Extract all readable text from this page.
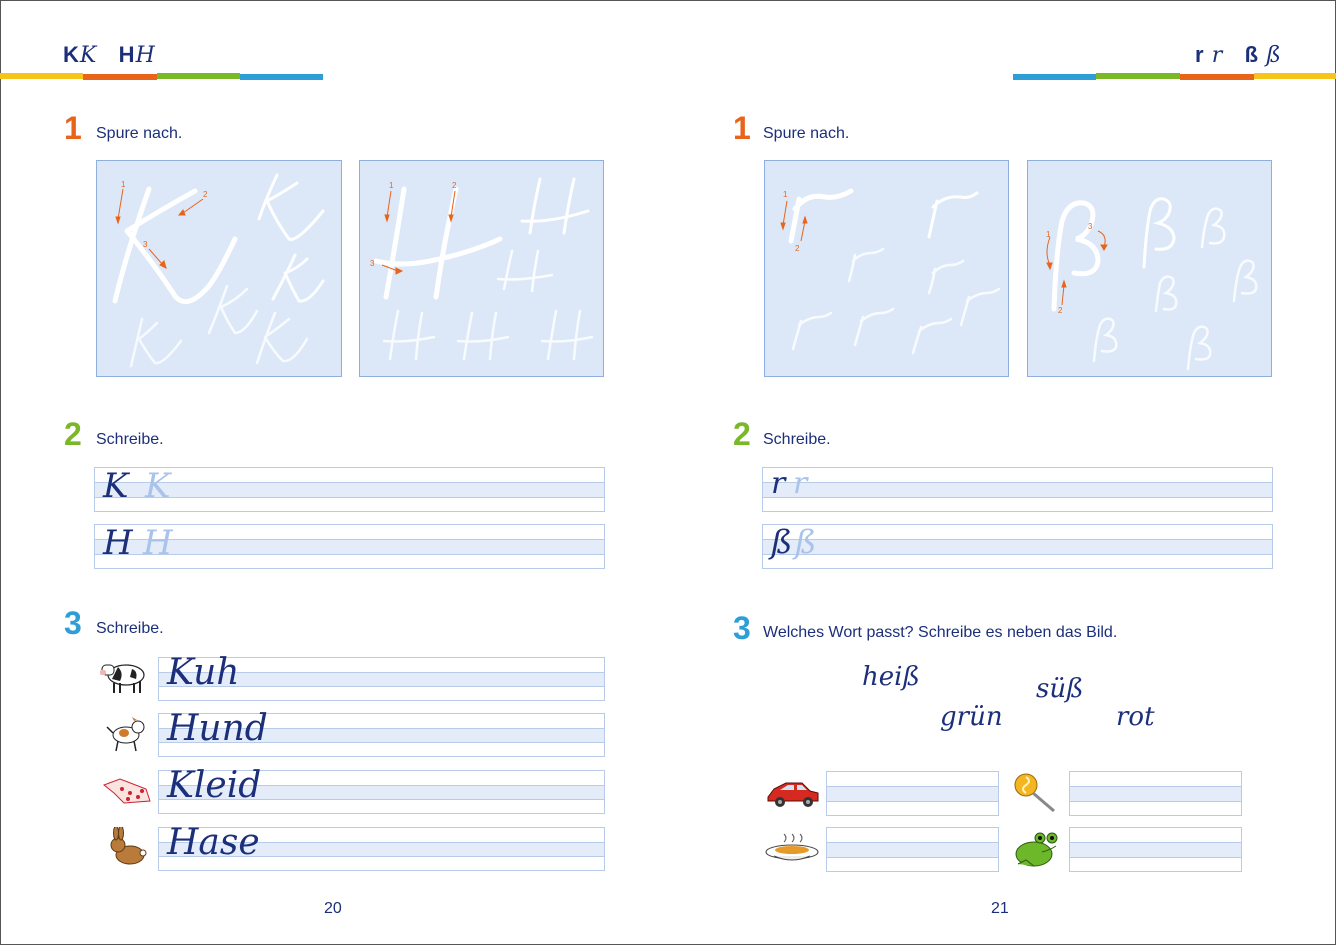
KK HH
1 Spure nach.
1
2
3
1	2
3
2 Schreibe.
K K
H H
3 Schreibe.
Kuh
Hund
Kleid
Hase
20
r r ß ß
1 Spure nach.
1
2
1
2
3
2 Schreibe.
r r
ß ß
3 Welches Wort passt? Schreibe es neben das Bild.
heiß
grün
süß
rot
21
